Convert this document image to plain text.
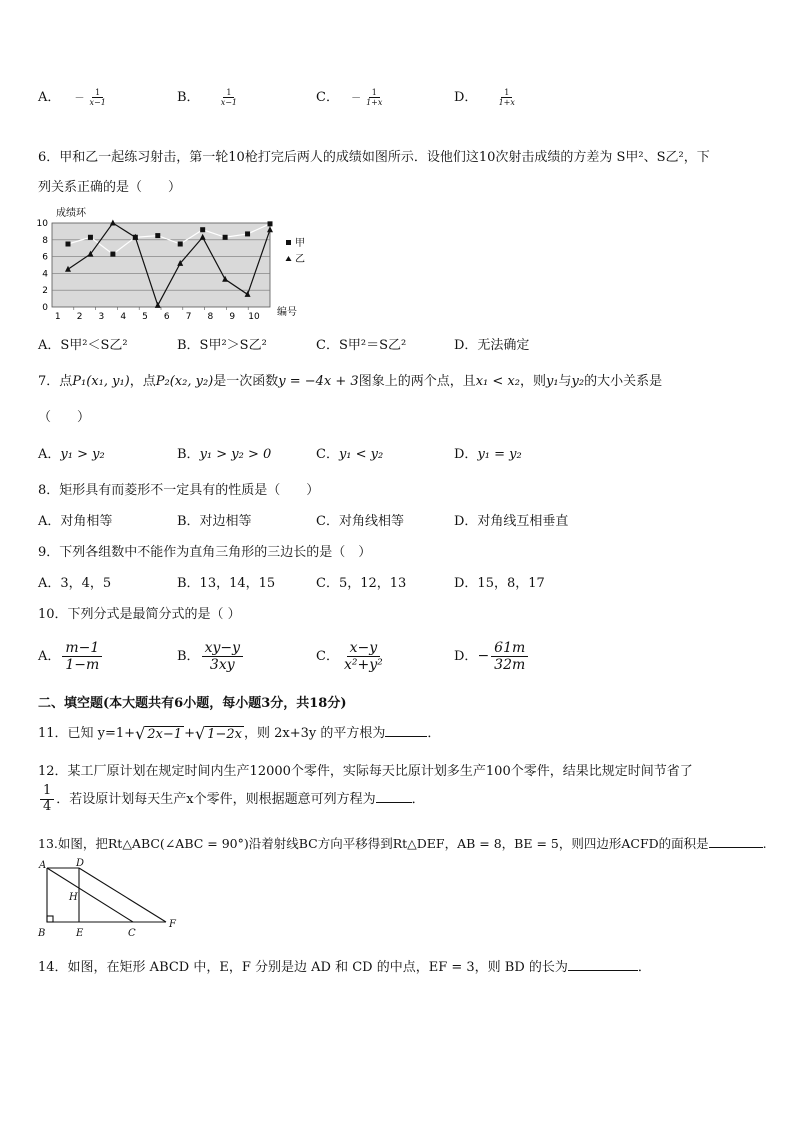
A． － $\frac{1}{x-1}$	B． $\frac{1}{x-1}$	C． － $\frac{1}{1+x}$	D． $\frac{1}{1+x}$
6．甲和乙一起练习射击，第一轮10枪打完后两人的成绩如图所示．设他们这10次射击成绩的方差为 S甲²、S乙²，下
列关系正确的是（　　）
成绩环
编号
0
2
4
6
8
10
1 2 3 4 5 6 7 8 9 10
甲
乙
A．S甲²＜S乙²	B．S甲²＞S乙²	C．S甲²＝S乙²	D．无法确定
7．点P₁(x₁, y₁)，点P₂(x₂, y₂)是一次函数y = −4x + 3图象上的两个点，且x₁ < x₂，则y₁与y₂的大小关系是
（　　）
A．y₁ > y₂	B．y₁ > y₂ > 0	C．y₁ < y₂	D．y₁ = y₂
8．矩形具有而菱形不一定具有的性质是（　　）
A．对角相等	B．对边相等	C．对角线相等	D．对角线互相垂直
9．下列各组数中不能作为直角三角形的三边长的是（　）
A．3，4，5	B．13，14，15	C．5，12，13	D．15，8，17
10．下列分式是最简分式的是（ ）
A． $\frac{m-1}{1-m}$	B． $\frac{xy-y}{3xy}$	C． $\frac{x-y}{\text{x²+y²}}$	D．− $\frac{61m}{32m}$
二、填空题(本大题共有6小题，每小题3分，共18分)
11．已知 y=1+ √ 2x−1 + √ 1−2x ，则 2x+3y 的平方根为	．
12．某工厂原计划在规定时间内生产12000个零件，实际每天比原计划多生产100个零件，结果比规定时间节省了
$\frac{1}{4}$ ．若设原计划每天生产x个零件，则根据题意可列方程为	．
13.如图，把Rt△ABC(∠ABC = 90°)沿着射线BC方向平移得到Rt△DEF，AB = 8，BE = 5，则四边形ACFD的面积是	.
A	D
H
B	E	C
F
14．如图，在矩形 ABCD 中，E，F 分别是边 AD 和 CD 的中点，EF = 3，则 BD 的长为	．
